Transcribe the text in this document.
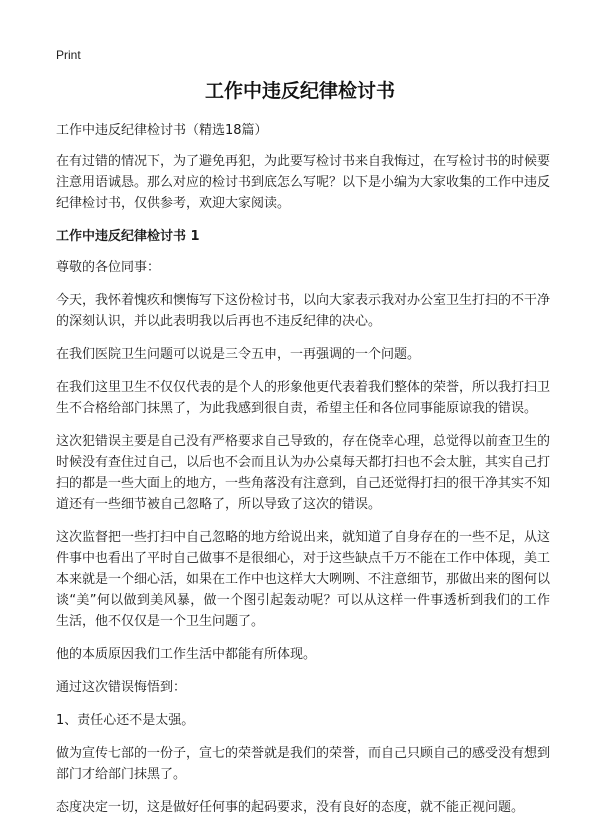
Print
工作中违反纪律检讨书

工作中违反纪律检讨书（精选18篇）

在有过错的情况下，为了避免再犯，为此要写检讨书来自我悔过，在写检讨书的时候要注意用语诚恳。那么对应的检讨书到底怎么写呢？以下是小编为大家收集的工作中违反纪律检讨书，仅供参考，欢迎大家阅读。

工作中违反纪律检讨书 1

尊敬的各位同事：

今天，我怀着愧疚和懊悔写下这份检讨书，以向大家表示我对办公室卫生打扫的不干净的深刻认识，并以此表明我以后再也不违反纪律的决心。

在我们医院卫生问题可以说是三令五申，一再强调的一个问题。

在我们这里卫生不仅仅代表的是个人的形象他更代表着我们整体的荣誉，所以我打扫卫生不合格给部门抹黑了，为此我感到很自责，希望主任和各位同事能原谅我的错误。

这次犯错误主要是自己没有严格要求自己导致的，存在侥幸心理，总觉得以前查卫生的时候没有查住过自己，以后也不会而且认为办公桌每天都打扫也不会太脏，其实自己打扫的都是一些大面上的地方，一些角落没有注意到，自己还觉得打扫的很干净其实不知道还有一些细节被自己忽略了，所以导致了这次的错误。

这次监督把一些打扫中自己忽略的地方给说出来，就知道了自身存在的一些不足，从这件事中也看出了平时自己做事不是很细心，对于这些缺点千万不能在工作中体现，美工本来就是一个细心活，如果在工作中也这样大大咧咧、不注意细节，那做出来的图何以谈“美”何以做到美风暴，做一个图引起轰动呢？可以从这样一件事透析到我们的工作生活，他不仅仅是一个卫生问题了。

他的本质原因我们工作生活中都能有所体现。

通过这次错误悔悟到：

1、责任心还不是太强。

做为宣传七部的一份子，宣七的荣誉就是我们的荣誉，而自己只顾自己的感受没有想到部门才给部门抹黑了。

态度决定一切，这是做好任何事的起码要求，没有良好的态度，就不能正视问题。
